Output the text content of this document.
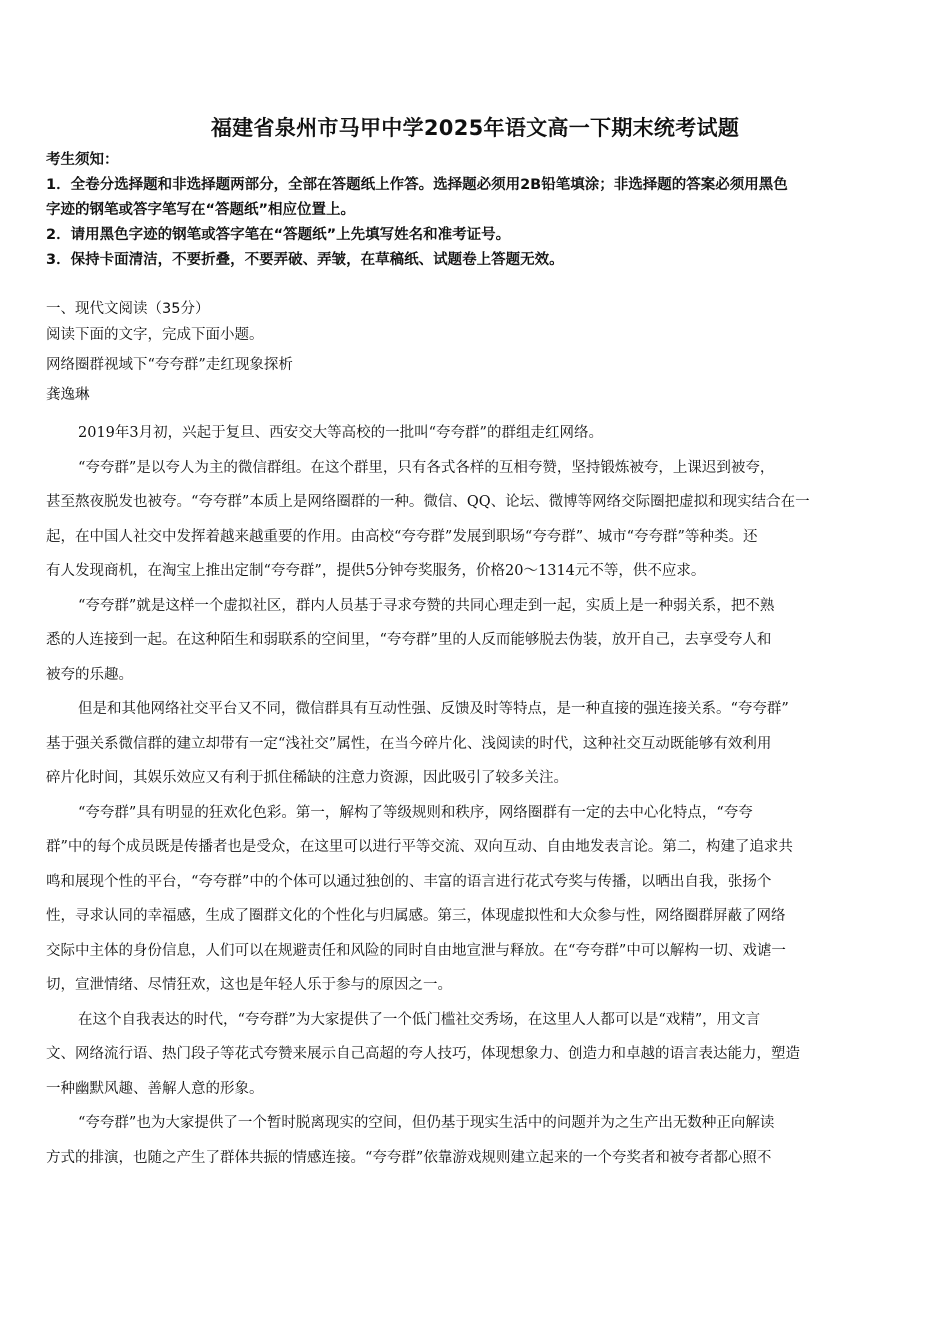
福建省泉州市马甲中学2025年语文高一下期末统考试题
考生须知：
1．全卷分选择题和非选择题两部分，全部在答题纸上作答。选择题必须用2B铅笔填涂；非选择题的答案必须用黑色
字迹的钢笔或答字笔写在“答题纸”相应位置上。
2．请用黑色字迹的钢笔或答字笔在“答题纸”上先填写姓名和准考证号。
3．保持卡面清洁，不要折叠，不要弄破、弄皱，在草稿纸、试题卷上答题无效。
一、现代文阅读（35分）
阅读下面的文字，完成下面小题。
网络圈群视域下“夸夸群”走红现象探析
龚逸琳
2019年3月初，兴起于复旦、西安交大等高校的一批叫“夸夸群”的群组走红网络。
“夸夸群”是以夸人为主的微信群组。在这个群里，只有各式各样的互相夸赞，坚持锻炼被夸，上课迟到被夸，
甚至熬夜脱发也被夸。“夸夸群”本质上是网络圈群的一种。微信、QQ、论坛、微博等网络交际圈把虚拟和现实结合在一
起，在中国人社交中发挥着越来越重要的作用。由高校“夸夸群”发展到职场“夸夸群”、城市“夸夸群”等种类。还
有人发现商机，在淘宝上推出定制“夸夸群”，提供5分钟夸奖服务，价格20～1314元不等，供不应求。
“夸夸群”就是这样一个虚拟社区，群内人员基于寻求夸赞的共同心理走到一起，实质上是一种弱关系，把不熟
悉的人连接到一起。在这种陌生和弱联系的空间里，“夸夸群”里的人反而能够脱去伪装，放开自己，去享受夸人和
被夸的乐趣。
但是和其他网络社交平台又不同，微信群具有互动性强、反馈及时等特点，是一种直接的强连接关系。“夸夸群”
基于强关系微信群的建立却带有一定“浅社交”属性，在当今碎片化、浅阅读的时代，这种社交互动既能够有效利用
碎片化时间，其娱乐效应又有利于抓住稀缺的注意力资源，因此吸引了较多关注。
“夸夸群”具有明显的狂欢化色彩。第一，解构了等级规则和秩序，网络圈群有一定的去中心化特点，“夸夸
群”中的每个成员既是传播者也是受众，在这里可以进行平等交流、双向互动、自由地发表言论。第二，构建了追求共
鸣和展现个性的平台，“夸夸群”中的个体可以通过独创的、丰富的语言进行花式夸奖与传播，以晒出自我，张扬个
性，寻求认同的幸福感，生成了圈群文化的个性化与归属感。第三，体现虚拟性和大众参与性，网络圈群屏蔽了网络
交际中主体的身份信息，人们可以在规避责任和风险的同时自由地宣泄与释放。在“夸夸群”中可以解构一切、戏谑一
切，宣泄情绪、尽情狂欢，这也是年轻人乐于参与的原因之一。
在这个自我表达的时代，“夸夸群”为大家提供了一个低门槛社交秀场，在这里人人都可以是“戏精”，用文言
文、网络流行语、热门段子等花式夸赞来展示自己高超的夸人技巧，体现想象力、创造力和卓越的语言表达能力，塑造
一种幽默风趣、善解人意的形象。
“夸夸群”也为大家提供了一个暂时脱离现实的空间，但仍基于现实生活中的问题并为之生产出无数种正向解读
方式的排演，也随之产生了群体共振的情感连接。“夸夸群”依靠游戏规则建立起来的一个夸奖者和被夸者都心照不
